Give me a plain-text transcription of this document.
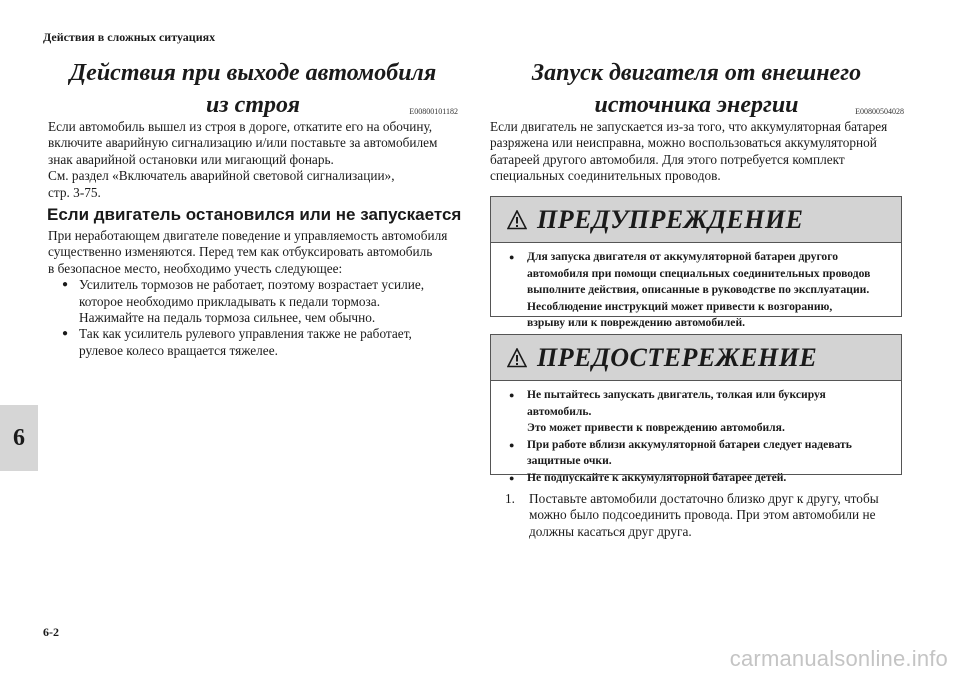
Действия в сложных ситуациях
6
Действия при выходе автомобиля
из строя	E00800101182

Если автомобиль вышел из строя в дороге, откатите его на обочину,

включите аварийную сигнализацию и/или поставьте за автомобилем

знак аварийной остановки или мигающий фонарь.

См. раздел «Включатель аварийной световой сигнализации»,

стр. 3-75.

Если двигатель остановился или не запускается

При неработающем двигателе поведение и управляемость автомобиля

существенно изменяются. Перед тем как отбуксировать автомобиль

в безопасное место, необходимо учесть следующее:

● Усилитель тормозов не работает, поэтому возрастает усилие,
которое необходимо прикладывать к педали тормоза.
Нажимайте на педаль тормоза сильнее, чем обычно.
● Так как усилитель рулевого управления также не работает,
рулевое колесо вращается тяжелее.
Запуск двигателя от внешнего
источника энергии	E00800504028

Если двигатель не запускается из-за того, что аккумуляторная батарея

разряжена или неисправна, можно воспользоваться аккумуляторной

батареей другого автомобиля. Для этого потребуется комплект

специальных соединительных проводов.

ПРЕДУПРЕЖДЕНИЕ
● Для запуска двигателя от аккумуляторной батареи другого
автомобиля при помощи специальных соединительных проводов
выполните действия, описанные в руководстве по эксплуатации.
Несоблюдение инструкций может привести к возгоранию,
взрыву или к повреждению автомобилей.
ПРЕДОСТЕРЕЖЕНИЕ
● Не пытайтесь запускать двигатель, толкая или буксируя
автомобиль.
Это может привести к повреждению автомобиля.
● При работе вблизи аккумуляторной батареи следует надевать
защитные очки.
● Не подпускайте к аккумуляторной батарее детей.
1. Поставьте автомобили достаточно близко друг к другу, чтобы
можно было подсоединить провода. При этом автомобили не
должны касаться друг друга.
6-2
carmanualsonline.info
